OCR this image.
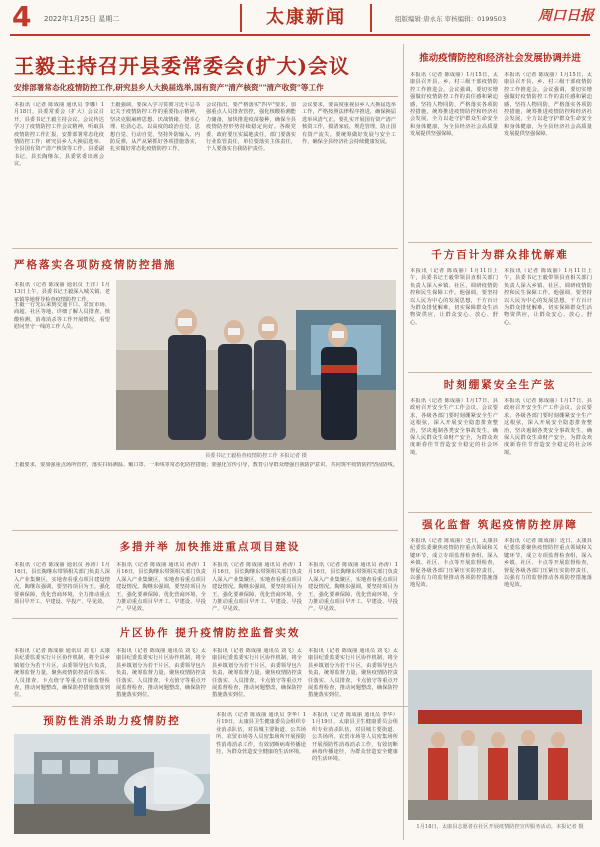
4 2022年1月25日 星期二	太康新闻	组版编辑·唐永东 审核编辑：0199503 周口日报
王毅主持召开县委常委会(扩大)会议
安排部署常态化疫情防控工作,研究县乡人大换届选举,国有资产"清产核资""清产收资"等工作
本报讯（记者 陈成丽 通讯员 李娜）1月18日，县委常委会（扩大）会议召开，县委书记王毅主持会议。会议传达学习了疫情防控工作会议精神，听取县疫情防控工作汇报，安排部署常态化疫情防控工作；研究县乡人大换届选举、全县国有资产清产核资等工作。县委副书记、县长陶继东，县委常委出席会议。
王毅强调，要深入学习贯彻习近平总书记关于疫情防控工作的重要指示精神，坚决克服麻痹思想、厌战情绪、侥幸心理、松劲心态，以高度的政治自觉、思想自觉、行动自觉，坚持外防输入、内防反弹，从严从紧抓好各项措施落实，扎实做好常态化疫情防控工作。
会议指出，要严格落实"四早"要求，加强重点人员排查管控，强化核酸检测能力储备，加快推进疫苗接种，确保全县疫情防控形势持续稳定向好。各级党委、政府要压实属地责任，部门要落实行业监管责任，单位要落实主体责任，个人要落实自我防护责任。
会议要求，要高度重视县乡人大换届选举工作，严格按照法律程序推进，确保换届选举风清气正。要扎实开展国有资产清产核资工作，摸清家底，规范管理，防止国有资产流失。要统筹做好发展与安全工作，确保全县经济社会持续健康发展。
推动疫情防控和经济社会发展协调并进
本报讯（记者 陈成丽）1月15日，太康县召开县、乡、村三级干部疫情防控工作推进会。会议强调，要切实增强做好疫情防控工作的责任感和紧迫感，坚持人物同防，严格落实各项防控措施，统筹推进疫情防控和经济社会发展，全力以赴守护群众生命安全和身体健康，为全县经济社会高质量发展提供坚强保障。
本报讯（记者 陈成丽）1月15日，太康县召开县、乡、村三级干部疫情防控工作推进会。会议强调，要切实增强做好疫情防控工作的责任感和紧迫感，坚持人物同防，严格落实各项防控措施，统筹推进疫情防控和经济社会发展，全力以赴守护群众生命安全和身体健康，为全县经济社会高质量发展提供坚强保障。
千方百计为群众排忧解难
本报讯（记者 陈成丽）1月11日上午，县委书记王毅带领县直相关部门负责人深入乡镇、社区，调研疫情防控和民生保障工作。他强调，要坚持以人民为中心的发展思想，千方百计为群众排忧解难，切实保障群众生活物资供应，让群众安心、放心、舒心。
本报讯（记者 陈成丽）1月11日上午，县委书记王毅带领县直相关部门负责人深入乡镇、社区，调研疫情防控和民生保障工作。他强调，要坚持以人民为中心的发展思想，千方百计为群众排忧解难，切实保障群众生活物资供应，让群众安心、放心、舒心。
时刻绷紧安全生产弦
本报讯（记者 陈成丽）1月17日，县政府召开安全生产工作会议。会议要求，各级各部门要时刻绷紧安全生产这根弦，深入开展安全隐患排查整治，坚决遏制各类安全事故发生，确保人民群众生命财产安全，为群众欢度新春佳节营造安全稳定的社会环境。
本报讯（记者 陈成丽）1月17日，县政府召开安全生产工作会议。会议要求，各级各部门要时刻绷紧安全生产这根弦，深入开展安全隐患排查整治，坚决遏制各类安全事故发生，确保人民群众生命财产安全，为群众欢度新春佳节营造安全稳定的社会环境。
强化监督 筑起疫情防控屏障
本报讯（记者 陈成丽）近日，太康县纪委监委聚焦疫情防控重点领域和关键环节，成立专项监督检查组，深入乡镇、社区、卡点等开展监督检查，督促各级各部门压紧压实防控责任，以强有力的监督推动各项防控措施落地见效。
本报讯（记者 陈成丽）近日，太康县纪委监委聚焦疫情防控重点领域和关键环节，成立专项监督检查组，深入乡镇、社区、卡点等开展监督检查，督促各级各部门压紧压实防控责任，以强有力的监督推动各项防控措施落地见效。
严格落实各项防疫情防控措施
本报讯（记者 陈成丽 通讯员 王洋）1月13日上午，县委书记王毅深入城关镇、老冢镇等地督导检查疫情防控工作。
王毅一行先后来到交通卡口、农贸市场、商超、社区等地，详细了解人员排查、核酸检测、消毒消杀等工作开展情况，看望慰问坚守一线的工作人员。
县委书记王毅检查疫情防控工作 本报记者 摄
王毅要求，要加强重点场所管控，落实扫码测温、戴口罩、一米线等常态化防控措施；要强化宣传引导，教育引导群众增强自我防护意识，共同筑牢疫情防控坚固防线。
多措并举 加快推进重点项目建设
本报讯（记者 陈成丽 通讯员 孙涛）1月16日，县长陶继东带领相关部门负责人深入产业集聚区，实地查看重点项目建设情况。陶继东强调，要坚持项目为王，强化要素保障，优化营商环境，全力推动重点项目早开工、早建设、早投产、早见效。
本报讯（记者 陈成丽 通讯员 孙涛）1月16日，县长陶继东带领相关部门负责人深入产业集聚区，实地查看重点项目建设情况。陶继东强调，要坚持项目为王，强化要素保障，优化营商环境，全力推动重点项目早开工、早建设、早投产、早见效。
本报讯（记者 陈成丽 通讯员 孙涛）1月16日，县长陶继东带领相关部门负责人深入产业集聚区，实地查看重点项目建设情况。陶继东强调，要坚持项目为王，强化要素保障，优化营商环境，全力推动重点项目早开工、早建设、早投产、早见效。
本报讯（记者 陈成丽 通讯员 孙涛）1月16日，县长陶继东带领相关部门负责人深入产业集聚区，实地查看重点项目建设情况。陶继东强调，要坚持项目为王，强化要素保障，优化营商环境，全力推动重点项目早开工、早建设、早投产、早见效。
片区协作 提升疫情防控监督实效
本报讯（记者 陈成丽 通讯员 刘飞）太康县纪委监委实行片区协作机制，将全县乡镇划分为若干片区，由委领导包片负责，统筹监督力量，聚焦疫情防控责任落实、人员排查、卡点值守等重点开展监督检查，推动问题整改，确保防控措施落实到位。
本报讯（记者 陈成丽 通讯员 刘飞）太康县纪委监委实行片区协作机制，将全县乡镇划分为若干片区，由委领导包片负责，统筹监督力量，聚焦疫情防控责任落实、人员排查、卡点值守等重点开展监督检查，推动问题整改，确保防控措施落实到位。
本报讯（记者 陈成丽 通讯员 刘飞）太康县纪委监委实行片区协作机制，将全县乡镇划分为若干片区，由委领导包片负责，统筹监督力量，聚焦疫情防控责任落实、人员排查、卡点值守等重点开展监督检查，推动问题整改，确保防控措施落实到位。
本报讯（记者 陈成丽 通讯员 刘飞）太康县纪委监委实行片区协作机制，将全县乡镇划分为若干片区，由委领导包片负责，统筹监督力量，聚焦疫情防控责任落实、人员排查、卡点值守等重点开展监督检查，推动问题整改，确保防控措施落实到位。
预防性消杀助力疫情防控	本报讯（记者 陈成丽 通讯员 李华）1月19日，太康县卫生健康委员会组织专业消杀队伍，对县城主要街道、公共场所、农贸市场等人员密集场所开展预防性消毒消杀工作，有效切断病毒传播途径，为群众营造安全健康的生活环境。
本报讯（记者 陈成丽 通讯员 李华）1月19日，太康县卫生健康委员会组织专业消杀队伍，对县城主要街道、公共场所、农贸市场等人员密集场所开展预防性消毒消杀工作，有效切断病毒传播途径，为群众营造安全健康的生活环境。
1月18日，太康县志愿者在社区开展疫情防控宣传服务活动。本报记者 摄
